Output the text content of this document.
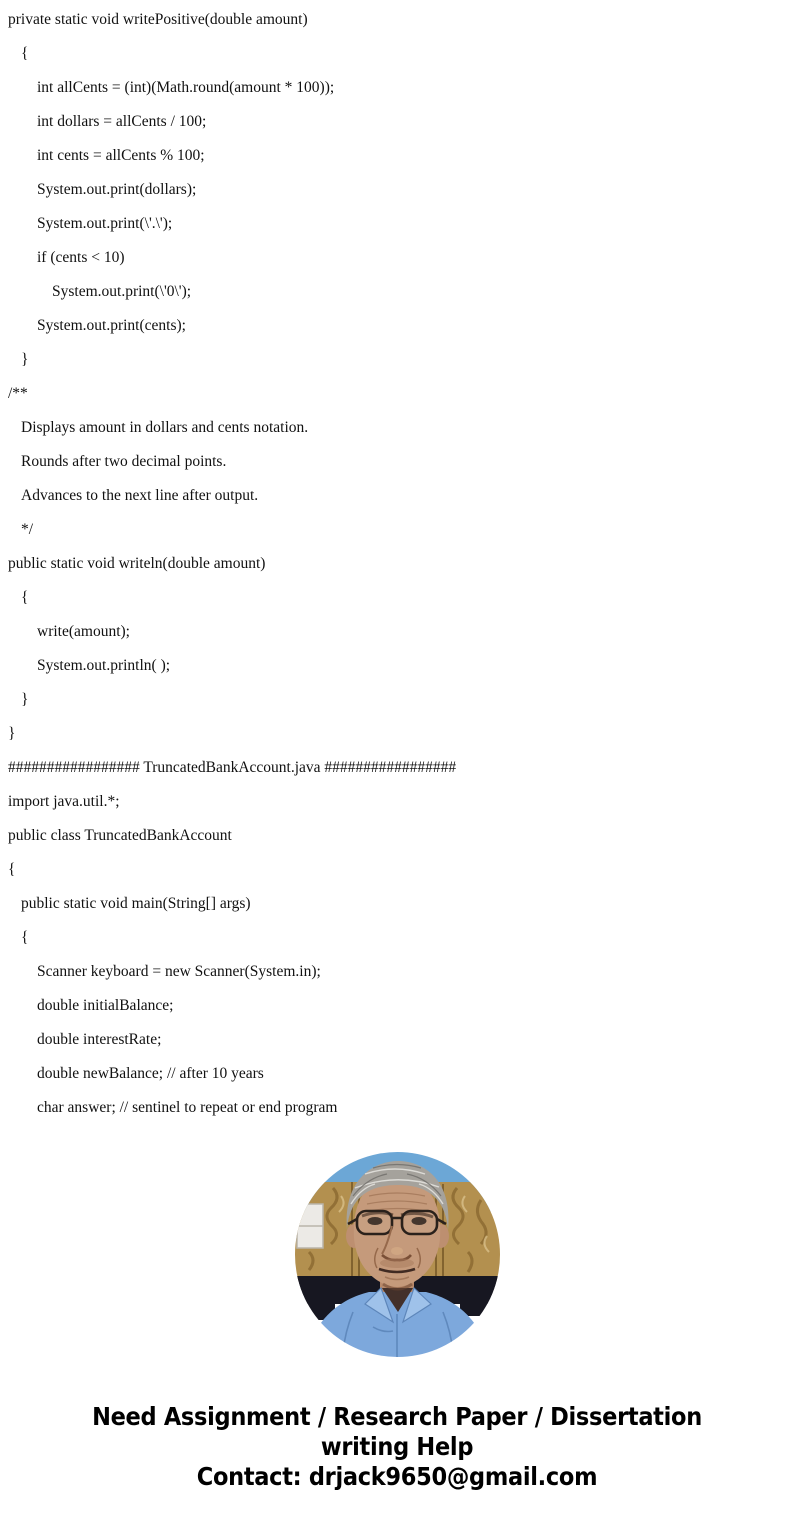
private static void writePositive(double amount)
{
int allCents = (int)(Math.round(amount * 100));
int dollars = allCents / 100;
int cents = allCents % 100;
System.out.print(dollars);
System.out.print(\'.\');
if (cents < 10)
System.out.print(\'0\');
System.out.print(cents);
}
/**
Displays amount in dollars and cents notation.
Rounds after two decimal points.
Advances to the next line after output.
*/
public static void writeln(double amount)
{
write(amount);
System.out.println( );
}
}
################# TruncatedBankAccount.java #################
import java.util.*;
public class TruncatedBankAccount
{
public static void main(String[] args)
{
Scanner keyboard = new Scanner(System.in);
double initialBalance;
double interestRate;
double newBalance; // after 10 years
char answer; // sentinel to repeat or end program
Need Assignment / Research Paper / Dissertation
writing Help
Contact: drjack9650@gmail.com
